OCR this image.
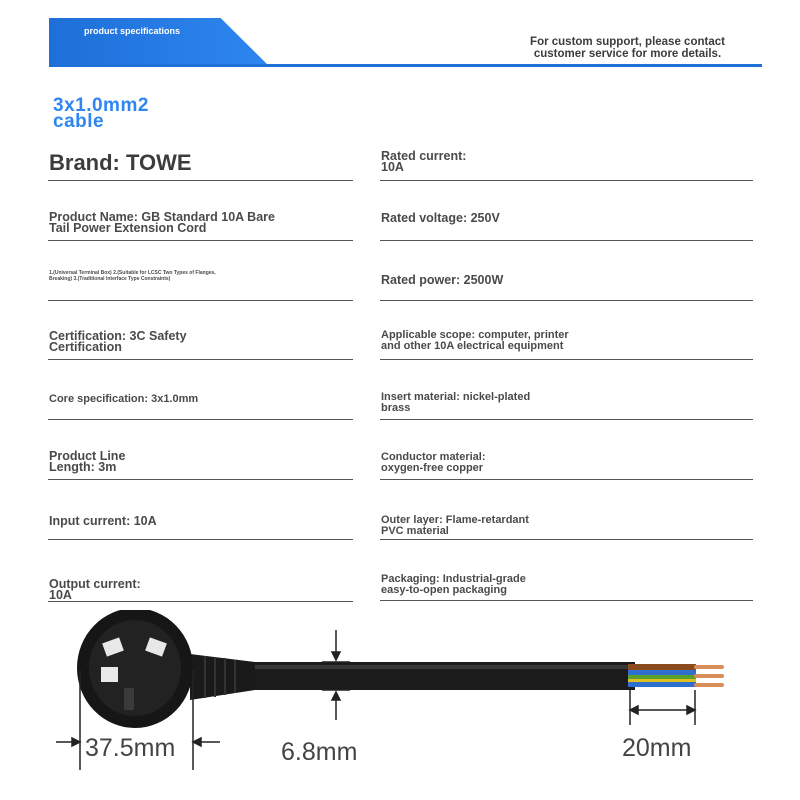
product specifications
For custom support, please contact customer service for more details.
3x1.0mm2
cable
Brand: TOWE
Product Name: GB Standard 10A Bare
Tail Power Extension Cord
1.(Universal Terminal Box) 2.(Suitable for LCSC Two Types of Flanges,
Breaking) 3.(Traditional Interface Type Constraints)
Certification: 3C Safety
Certification
Core specification: 3x1.0mm
Product Line
Length: 3m
Input current: 10A
Output current:
10A
Rated current:
10A
Rated voltage: 250V
Rated power: 2500W
Applicable scope: computer, printer
and other 10A electrical equipment
Insert material: nickel-plated
brass
Conductor material:
oxygen-free copper
Outer layer: Flame-retardant
PVC material
Packaging: Industrial-grade
easy-to-open packaging
37.5mm	6.8mm	20mm
